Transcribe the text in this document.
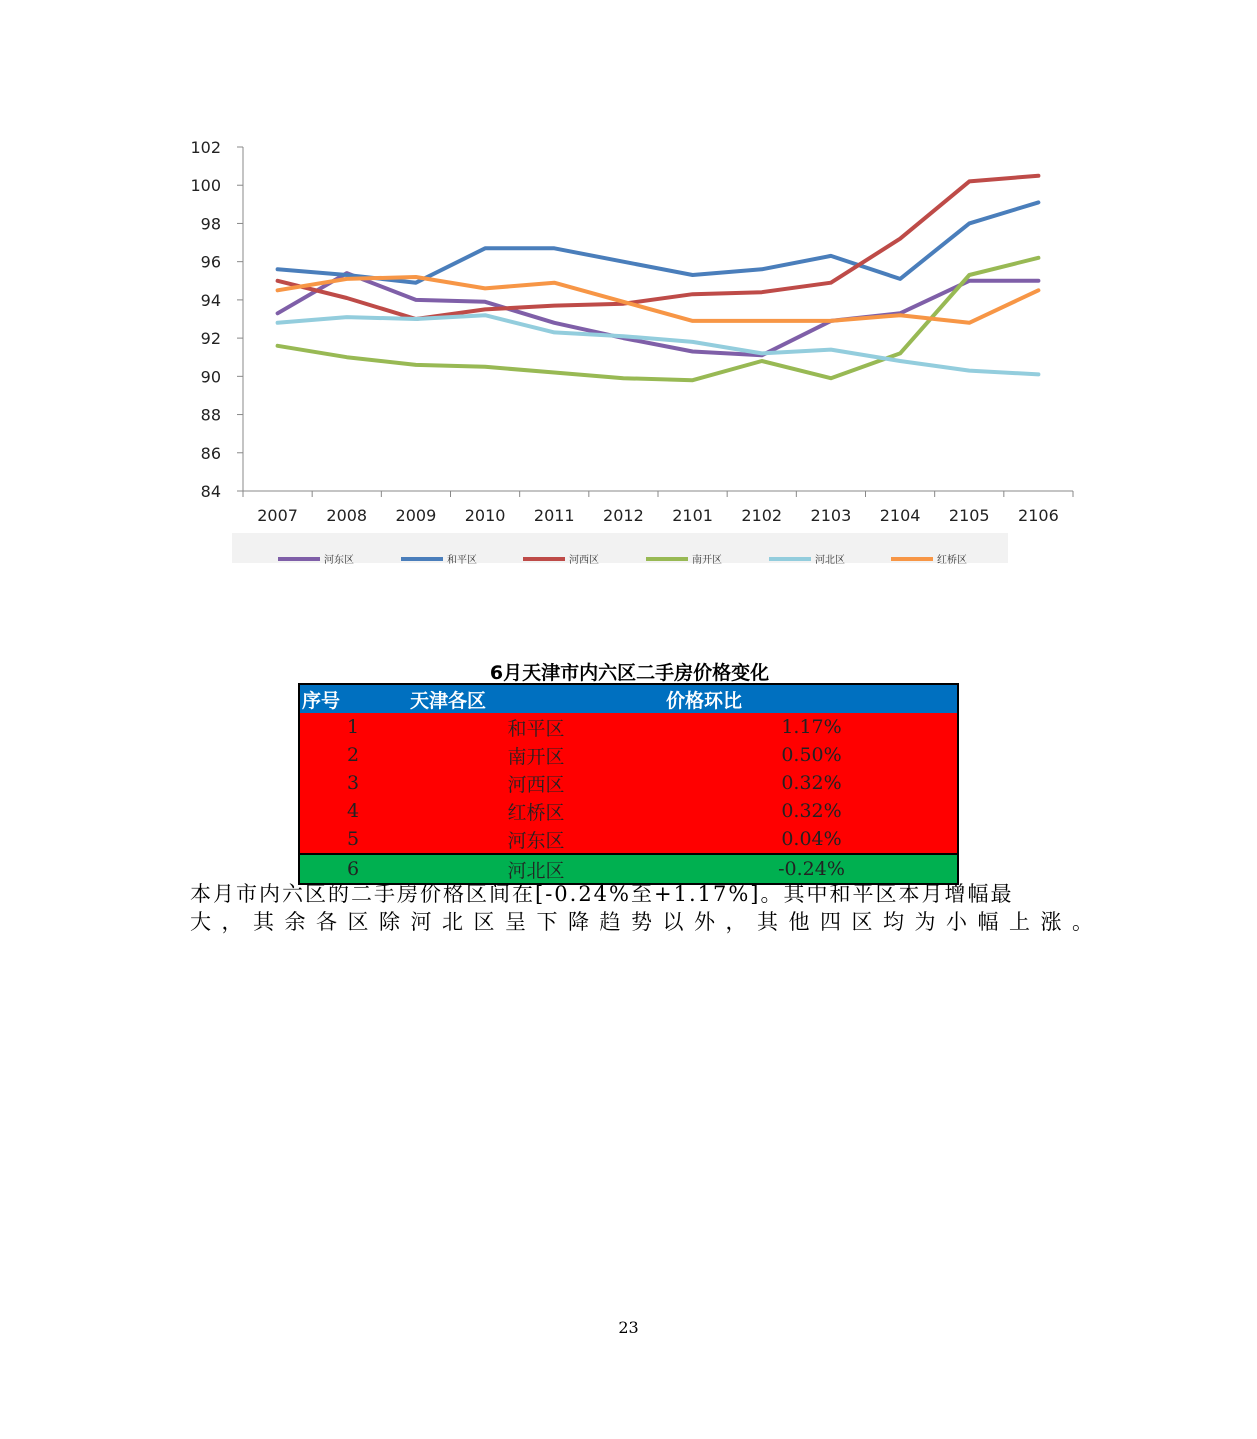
84
86
88
90
92
94
96
98
100
102
2007 2008 2009 2010 2011 2012 2101 2102 2103 2104 2105 2106
河东区	和平区	河西区	南开区	河北区	红桥区
6月天津市内六区二手房价格变化
序号	天津各区	价格环比
1	和平区	1.17%
2	南开区	0.50%
3	河西区	0.32%
4	红桥区	0.32%
5	河东区	0.04%
6	河北区	-0.24%
本月市内六区的二手房价格区间在[-0.24%至+1.17%]。其中和平区本月增幅最
大，其余各区除河北区呈下降趋势以外，其他四区均为小幅上涨。
23
